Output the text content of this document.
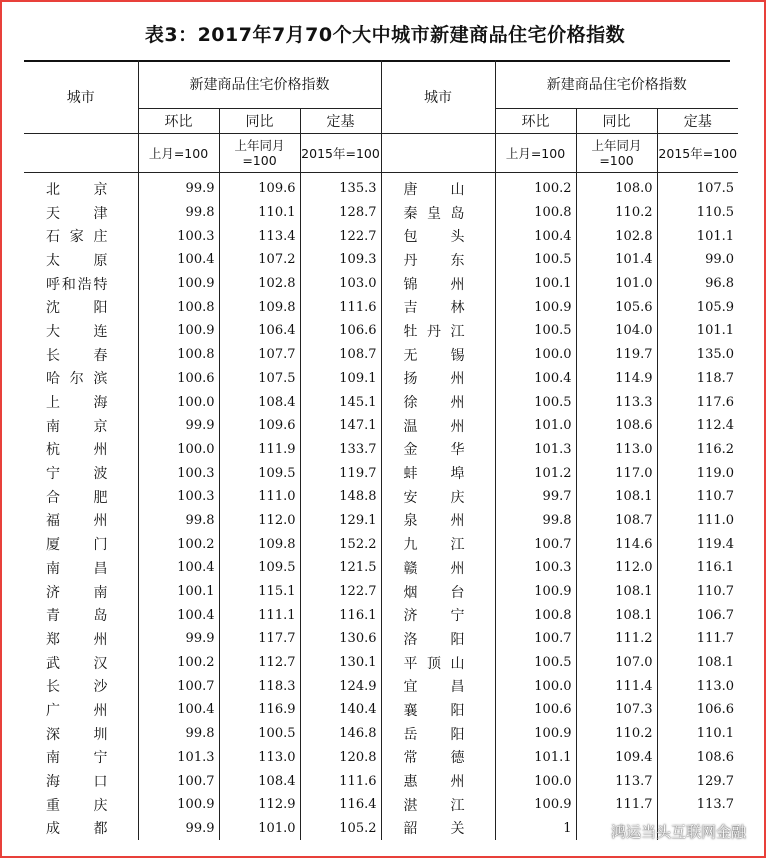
表3：2017年7月70个大中城市新建商品住宅价格指数
城市	新建商品住宅价格指数			城市	新建商品住宅价格指数		
	环比	同比	定基		环比	同比	定基
	上月=100	上年同月=100	2015年=100		上月=100	上年同月=100	2015年=100
北京	99.9	109.6	135.3	唐山	100.2	108.0	107.5
天津	99.8	110.1	128.7	秦皇岛	100.8	110.2	110.5
石家庄	100.3	113.4	122.7	包头	100.4	102.8	101.1
太原	100.4	107.2	109.3	丹东	100.5	101.4	99.0
呼和浩特	100.9	102.8	103.0	锦州	100.1	101.0	96.8
沈阳	100.8	109.8	111.6	吉林	100.9	105.6	105.9
大连	100.9	106.4	106.6	牡丹江	100.5	104.0	101.1
长春	100.8	107.7	108.7	无锡	100.0	119.7	135.0
哈尔滨	100.6	107.5	109.1	扬州	100.4	114.9	118.7
上海	100.0	108.4	145.1	徐州	100.5	113.3	117.6
南京	99.9	109.6	147.1	温州	101.0	108.6	112.4
杭州	100.0	111.9	133.7	金华	101.3	113.0	116.2
宁波	100.3	109.5	119.7	蚌埠	101.2	117.0	119.0
合肥	100.3	111.0	148.8	安庆	99.7	108.1	110.7
福州	99.8	112.0	129.1	泉州	99.8	108.7	111.0
厦门	100.2	109.8	152.2	九江	100.7	114.6	119.4
南昌	100.4	109.5	121.5	赣州	100.3	112.0	116.1
济南	100.1	115.1	122.7	烟台	100.9	108.1	110.7
青岛	100.4	111.1	116.1	济宁	100.8	108.1	106.7
郑州	99.9	117.7	130.6	洛阳	100.7	111.2	111.7
武汉	100.2	112.7	130.1	平顶山	100.5	107.0	108.1
长沙	100.7	118.3	124.9	宜昌	100.0	111.4	113.0
广州	100.4	116.9	140.4	襄阳	100.6	107.3	106.6
深圳	99.8	100.5	146.8	岳阳	100.9	110.2	110.1
南宁	101.3	113.0	120.8	常德	101.1	109.4	108.6
海口	100.7	108.4	111.6	惠州	100.0	113.7	129.7
重庆	100.9	112.9	116.4	湛江	100.9	111.7	113.7
成都	99.9	101.0	105.2	韶关	1			鸿运当头互联网金融
